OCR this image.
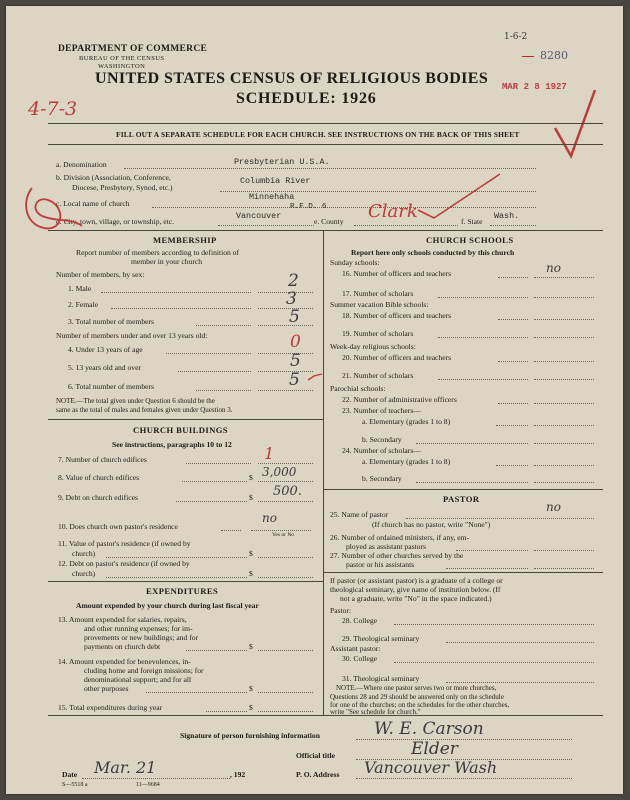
DEPARTMENT OF COMMERCE
BUREAU OF THE CENSUS
WASHINGTON
1-6-2
8280
UNITED STATES CENSUS OF RELIGIOUS BODIES
SCHEDULE: 1926
MAR 2 8 1927
4-7-3
FILL OUT A SEPARATE SCHEDULE FOR EACH CHURCH. SEE INSTRUCTIONS ON THE BACK OF THIS SHEET
a. Denomination	Presbyterian U.S.A.
b. Division (Association, Conference,
Diocese, Presbytery, Synod, etc.)
Columbia River
c. Local name of church
Minnehaha
d. City, town, village, or township, etc.
Vancouver
R.F.D. 6
e. County Clark	f. State
Wash.
MEMBERSHIP
Report number of members according to definition of
member in your church
Number of members, by sex:
1. Male	2
2. Female	3
3. Total number of members	5
Number of members under and over 13 years old:
4. Under 13 years of age	0
5. 13 years old and over	5
6. Total number of members	5
NOTE.—The total given under Question 6 should be the
same as the total of males and females given under Question 3.
CHURCH BUILDINGS
See instructions, paragraphs 10 to 12
7. Number of church edifices	1
8. Value of church edifices	$ 3,000
9. Debt on church edifices	$ 500.
10. Does church own pastor's residence
no
Yes or No
11. Value of pastor's residence (if owned by
church)	$
12. Debt on pastor's residence (if owned by
church)	$
EXPENDITURES
Amount expended by your church during last fiscal year
13. Amount expended for salaries, repairs,
and other running expenses; for im-
provements or new buildings; and for
payments on church debt	$
14. Amount expended for benevolences, in-
cluding home and foreign missions; for
denominational support; and for all
other purposes	$
15. Total expenditures during year	$
CHURCH SCHOOLS
Report here only schools conducted by this church
Sunday schools:
16. Number of officers and teachers	no
17. Number of scholars
Summer vacation Bible schools:
18. Number of officers and teachers
19. Number of scholars
Week-day religious schools:
20. Number of officers and teachers
21. Number of scholars
Parochial schools:
22. Number of administrative officers
23. Number of teachers—
a. Elementary (grades 1 to 8)
b. Secondary
24. Number of scholars—
a. Elementary (grades 1 to 8)
b. Secondary
PASTOR
25. Name of pastor
no
(If church has no pastor, write "None")
26. Number of ordained ministers, if any, em-
ployed as assistant pastors
27. Number of other churches served by the
pastor or his assistants
If pastor (or assistant pastor) is a graduate of a college or
theological seminary, give name of institution below. (If
not a graduate, write "No" in the space indicated.)
Pastor:
28. College
29. Theological seminary
Assistant pastor:
30. College
31. Theological seminary
NOTE.—Where one pastor serves two or more churches,
Questions 28 and 29 should be answered only on the schedule
for one of the churches; on the schedules for the other churches,
write "See schedule for church."
Signature of person furnishing information	W. E. Carson
Official title	Elder
Date Mar. 21	, 192	P. O. Address Vancouver Wash
S—5518 a	11—9684
